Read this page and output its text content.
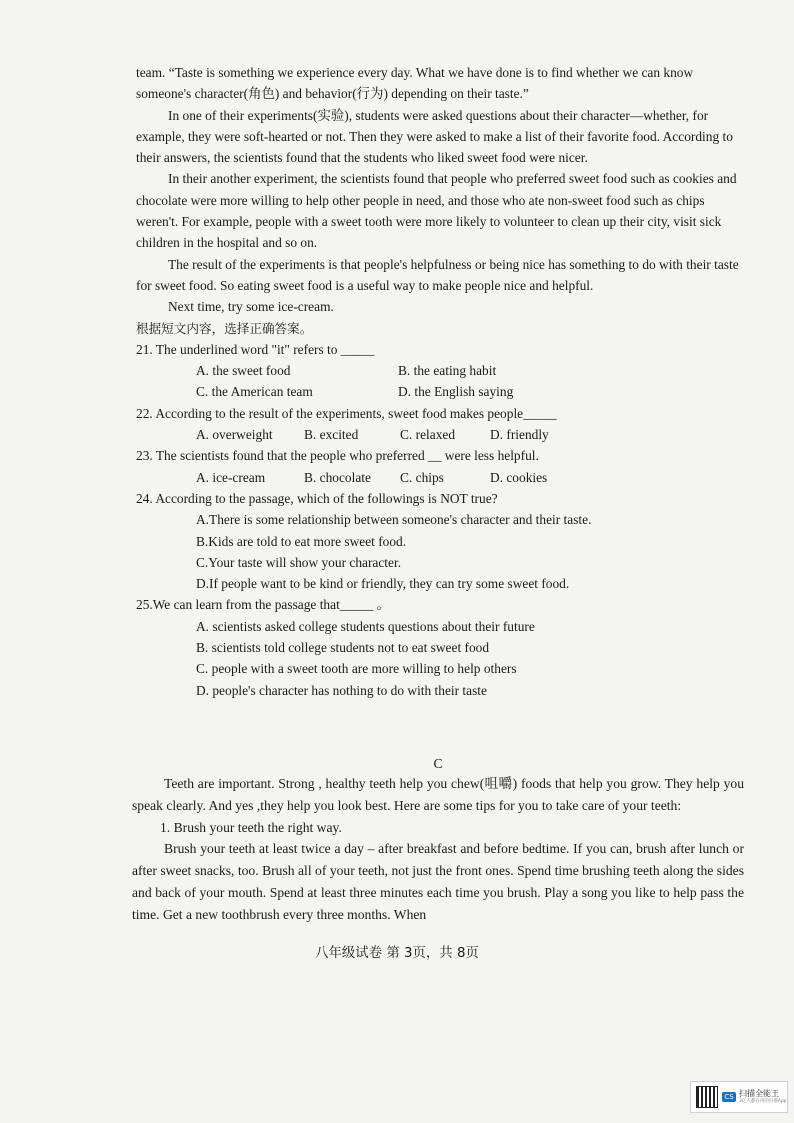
team. “Taste is something we experience every day. What we have done is to find whether we can know someone's character(角色) and behavior(行为) depending on their taste.”

In one of their experiments(实验), students were asked questions about their character—whether, for example, they were soft-hearted or not. Then they were asked to make a list of their favorite food. According to their answers, the scientists found that the students who liked sweet food were nicer.

In their another experiment, the scientists found that people who preferred sweet food such as cookies and chocolate were more willing to help other people in need, and those who ate non-sweet food such as chips weren't. For example, people with a sweet tooth were more likely to volunteer to clean up their city, visit sick children in the hospital and so on.

The result of the experiments is that people's helpfulness or being nice has something to do with their taste for sweet food. So eating sweet food is a useful way to make people nice and helpful.

Next time, try some ice-cream.

根据短文内容，选择正确答案。

21. The underlined word "it" refers to _____

A. the sweet food	B. the eating habit
C. the American team	D. the English saying

22. According to the result of the experiments, sweet food makes people_____

A. overweight	B. excited	C. relaxed	D. friendly

23. The scientists found that the people who preferred __ were less helpful.

A. ice-cream	B. chocolate	C. chips	D. cookies

24. According to the passage, which of the followings is NOT true?

A.There is some relationship between someone's character and their taste.

B.Kids are told to eat more sweet food.

C.Your taste will show your character.

D.If people want to be kind or friendly, they can try some sweet food.

25.We can learn from the passage that_____ 。

A. scientists asked college students questions about their future

B. scientists told college students not to eat sweet food

C. people with a sweet tooth are more willing to help others

D. people's character has nothing to do with their taste

C

Teeth are important. Strong , healthy teeth help you chew(咀嚼) foods that help you grow. They help you speak clearly. And yes ,they help you look best. Here are some tips for you to take care of your teeth:

1. Brush your teeth the right way.

Brush your teeth at least twice a day – after breakfast and before bedtime. If you can, brush after lunch or after sweet snacks, too. Brush all of your teeth, not just the front ones. Spend time brushing teeth along the sides and back of your mouth. Spend at least three minutes each time you brush. Play a song you like to help pass the time. Get a new toothbrush every three months. When

八年级试卷 第 3页，共 8页
CS 扫描全能王
3亿人都在用的扫描App
